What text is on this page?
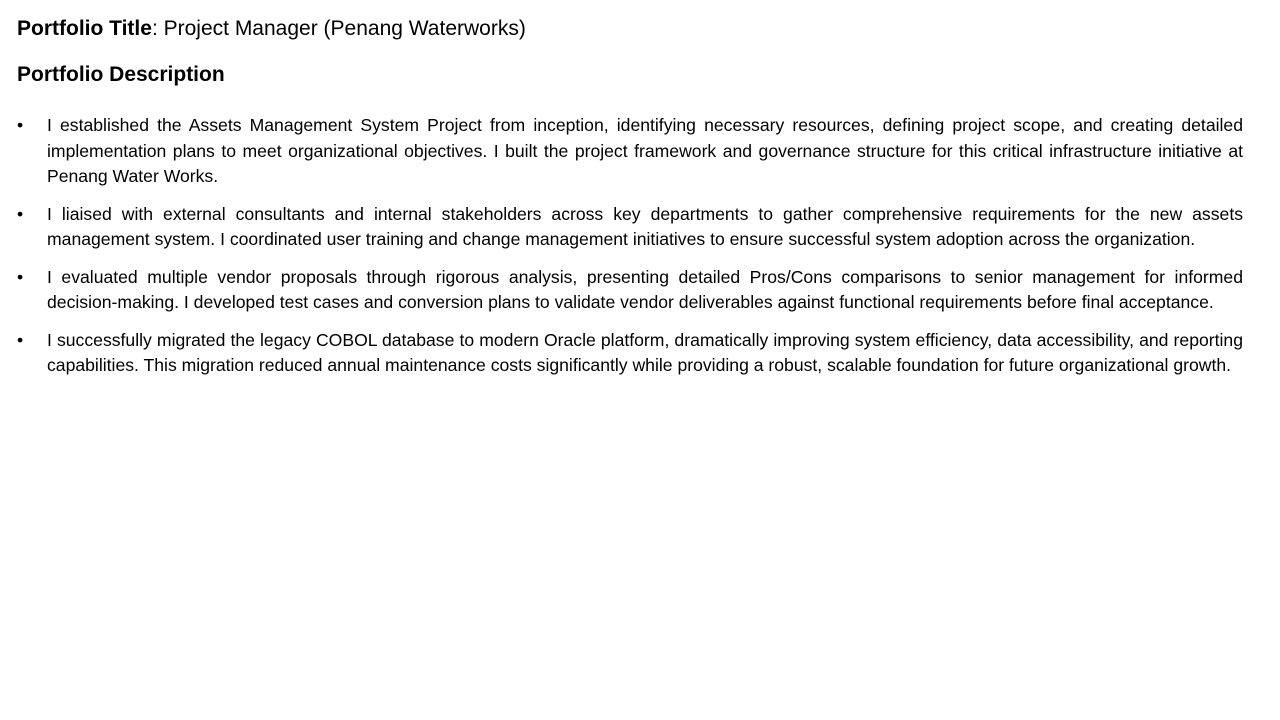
Portfolio Title: Project Manager (Penang Waterworks)

Portfolio Description
• I established the Assets Management System Project from inception, identifying necessary resources, defining project scope, and creating detailed implementation plans to meet organizational objectives. I built the project framework and governance structure for this critical infrastructure initiative at Penang Water Works.
• I liaised with external consultants and internal stakeholders across key departments to gather comprehensive requirements for the new assets management system. I coordinated user training and change management initiatives to ensure successful system adoption across the organization.
• I evaluated multiple vendor proposals through rigorous analysis, presenting detailed Pros/Cons comparisons to senior management for informed decision-making. I developed test cases and conversion plans to validate vendor deliverables against functional requirements before final acceptance.
• I successfully migrated the legacy COBOL database to modern Oracle platform, dramatically improving system efficiency, data accessibility, and reporting capabilities. This migration reduced annual maintenance costs significantly while providing a robust, scalable foundation for future organizational growth.
